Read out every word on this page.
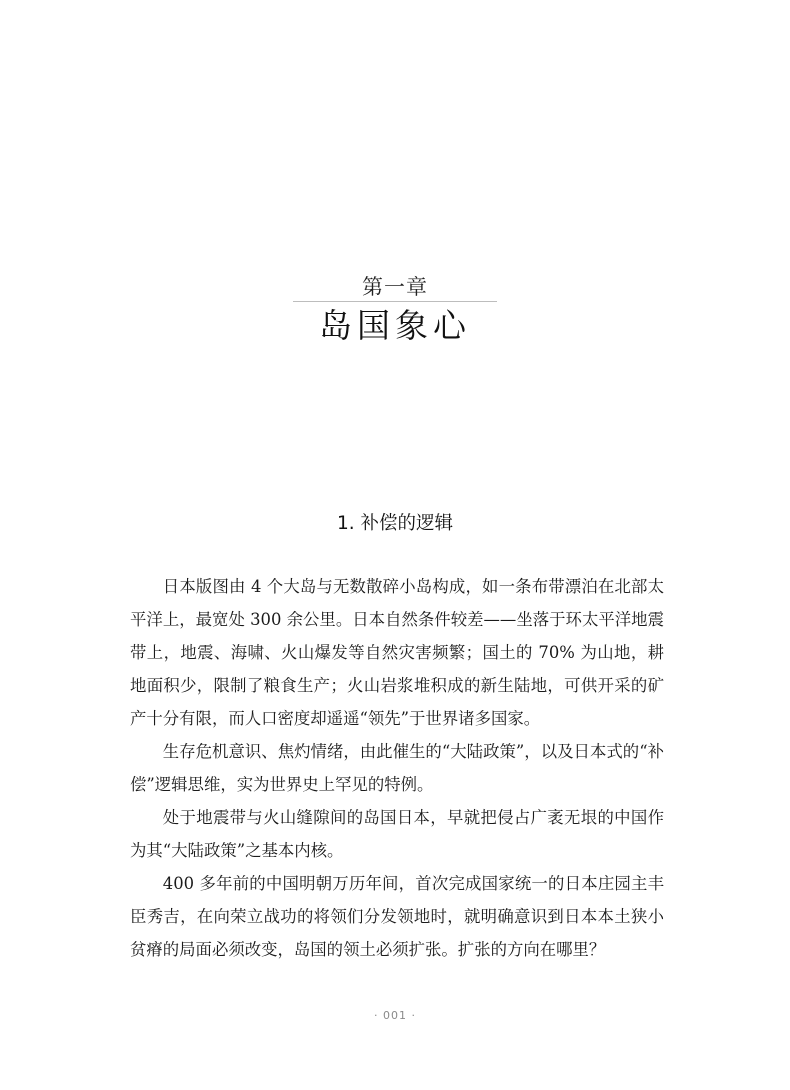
第一章
岛国象心
1. 补偿的逻辑

日本版图由 4 个大岛与无数散碎小岛构成，如一条布带漂泊在北部太平洋上，最宽处 300 余公里。日本自然条件较差——坐落于环太平洋地震带上，地震、海啸、火山爆发等自然灾害频繁；国土的 70% 为山地，耕地面积少，限制了粮食生产；火山岩浆堆积成的新生陆地，可供开采的矿产十分有限，而人口密度却遥遥“领先”于世界诸多国家。

生存危机意识、焦灼情绪，由此催生的“大陆政策”，以及日本式的“补偿”逻辑思维，实为世界史上罕见的特例。

处于地震带与火山缝隙间的岛国日本，早就把侵占广袤无垠的中国作为其“大陆政策”之基本内核。

400 多年前的中国明朝万历年间，首次完成国家统一的日本庄园主丰臣秀吉，在向荣立战功的将领们分发领地时，就明确意识到日本本土狭小贫瘠的局面必须改变，岛国的领土必须扩张。扩张的方向在哪里？

· 001 ·
